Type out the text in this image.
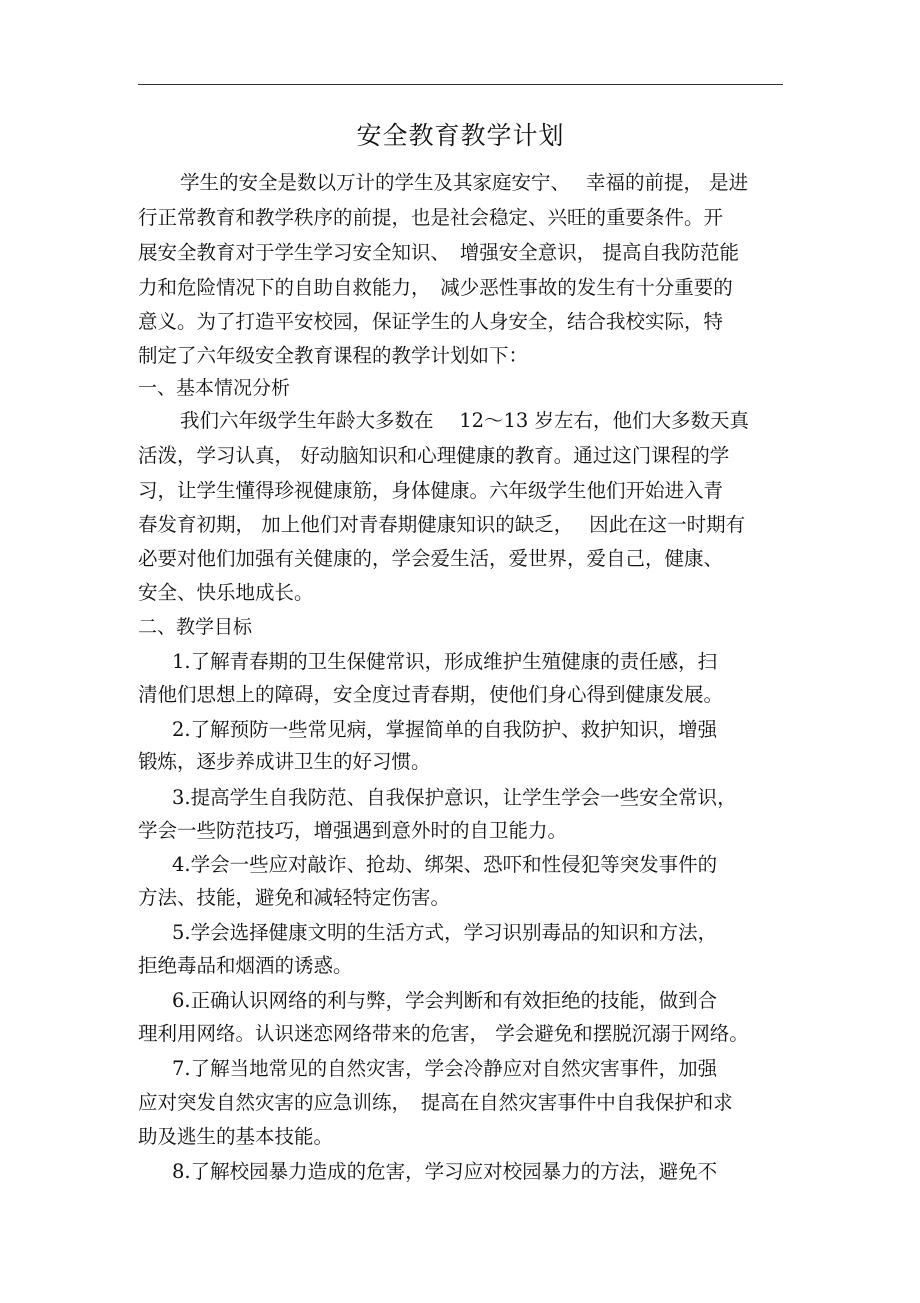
安全教育教学计划
学生的安全是数以万计的学生及其家庭安宁、　 幸福的前提， 是进
行正常教育和教学秩序的前提，也是社会稳定、兴旺的重要条件。开
展安全教育对于学生学习安全知识、　增强安全意识， 提高自我防范能
力和危险情况下的自助自救能力，　减少恶性事故的发生有十分重要的
意义。为了打造平安校园，保证学生的人身安全，结合我校实际，特
制定了六年级安全教育课程的教学计划如下：
一、基本情况分析
我们六年级学生年龄大多数在　 12～13 岁左右，他们大多数天真
活泼，学习认真， 好动脑知识和心理健康的教育。通过这门课程的学
习，让学生懂得珍视健康筋，身体健康。六年级学生他们开始进入青
春发育初期， 加上他们对青春期健康知识的缺乏，　 因此在这一时期有
必要对他们加强有关健康的，学会爱生活，爱世界，爱自己，健康、
安全、快乐地成长。
二、教学目标
1.了解青春期的卫生保健常识，形成维护生殖健康的责任感，扫
清他们思想上的障碍，安全度过青春期，使他们身心得到健康发展。
2.了解预防一些常见病，掌握简单的自我防护、救护知识，增强
锻炼，逐步养成讲卫生的好习惯。
3.提高学生自我防范、自我保护意识，让学生学会一些安全常识，
学会一些防范技巧，增强遇到意外时的自卫能力。
4.学会一些应对敲诈、抢劫、绑架、恐吓和性侵犯等突发事件的
方法、技能，避免和减轻特定伤害。
5.学会选择健康文明的生活方式，学习识别毒品的知识和方法，
拒绝毒品和烟酒的诱惑。
6.正确认识网络的利与弊，学会判断和有效拒绝的技能，做到合
理利用网络。认识迷恋网络带来的危害， 学会避免和摆脱沉溺于网络。
7.了解当地常见的自然灾害，学会冷静应对自然灾害事件，加强
应对突发自然灾害的应急训练，　提高在自然灾害事件中自我保护和求
助及逃生的基本技能。
8.了解校园暴力造成的危害，学习应对校园暴力的方法，避免不
